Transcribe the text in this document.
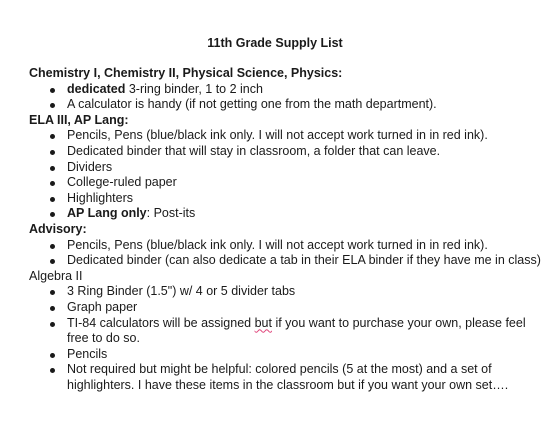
11th Grade Supply List

Chemistry I, Chemistry II, Physical Science, Physics:

dedicated 3-ring binder, 1 to 2 inch
A calculator is handy (if not getting one from the math department).

ELA III, AP Lang:

Pencils, Pens (blue/black ink only. I will not accept work turned in in red ink).
Dedicated binder that will stay in classroom, a folder that can leave.
Dividers
College-ruled paper
Highlighters
AP Lang only: Post-its

Advisory:

Pencils, Pens (blue/black ink only. I will not accept work turned in in red ink).
Dedicated binder (can also dedicate a tab in their ELA binder if they have me in class)

Algebra II

3 Ring Binder (1.5") w/ 4 or 5 divider tabs
Graph paper
TI-84 calculators will be assigned but if you want to purchase your own, please feel free to do so.
Pencils
Not required but might be helpful: colored pencils (5 at the most) and a set of highlighters. I have these items in the classroom but if you want your own set….
